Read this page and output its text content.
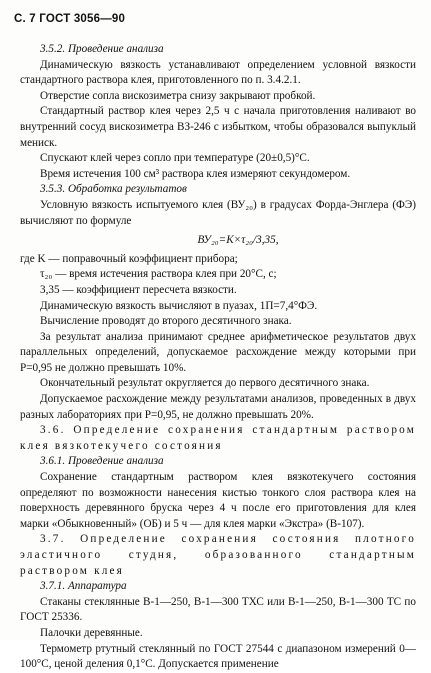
С. 7 ГОСТ 3056—90

3.5.2. Проведение анализа

Динамическую вязкость устанавливают определением условной вязкости стандартного раствора клея, приготовленного по п. 3.4.2.1.

Отверстие сопла вискозиметра снизу закрывают пробкой.

Стандартный раствор клея через 2,5 ч с начала приготовления наливают во внутренний сосуд вискозиметра ВЗ-246 с избытком, чтобы образовался выпуклый мениск.

Спускают клей через сопло при температуре (20±0,5)°С.

Время истечения 100 см³ раствора клея измеряют секундомером.

3.5.3. Обработка результатов

Условную вязкость испытуемого клея (ВУ₂₀) в градусах Форда-Энглера (ФЭ) вычисляют по формуле

ВУ₂₀=K×τ₂₀/3,35,

где K — поправочный коэффициент прибора;

τ₂₀ — время истечения раствора клея при 20°С, с;

3,35 — коэффициент пересчета вязкости.

Динамическую вязкость вычисляют в пуазах, 1П=7,4°ФЭ.

Вычисление проводят до второго десятичного знака.

За результат анализа принимают среднее арифметическое результатов двух параллельных определений, допускаемое расхождение между которыми при P=0,95 не должно превышать 10%.

Окончательный результат округляется до первого десятичного знака.

Допускаемое расхождение между результатами анализов, проведенных в двух разных лабораториях при P=0,95, не должно превышать 20%.

3.6. Определение сохранения стандартным раствором клея вязкотекучего состояния

3.6.1. Проведение анализа

Сохранение стандартным раствором клея вязкотекучего состояния определяют по возможности нанесения кистью тонкого слоя раствора клея на поверхность деревянного бруска через 4 ч после его приготовления для клея марки «Обыкновенный» (ОБ) и 5 ч — для клея марки «Экстра» (В-107).

3.7. Определение сохранения состояния плотного эластичного студня, образованного стандартным раствором клея

3.7.1. Аппаратура

Стаканы стеклянные В-1—250, В-1—300 ТХС или В-1—250, В-1—300 ТС по ГОСТ 25336.

Палочки деревянные.

Термометр ртутный стеклянный по ГОСТ 27544 с диапазоном измерений 0—100°С, ценой деления 0,1°С. Допускается применение
